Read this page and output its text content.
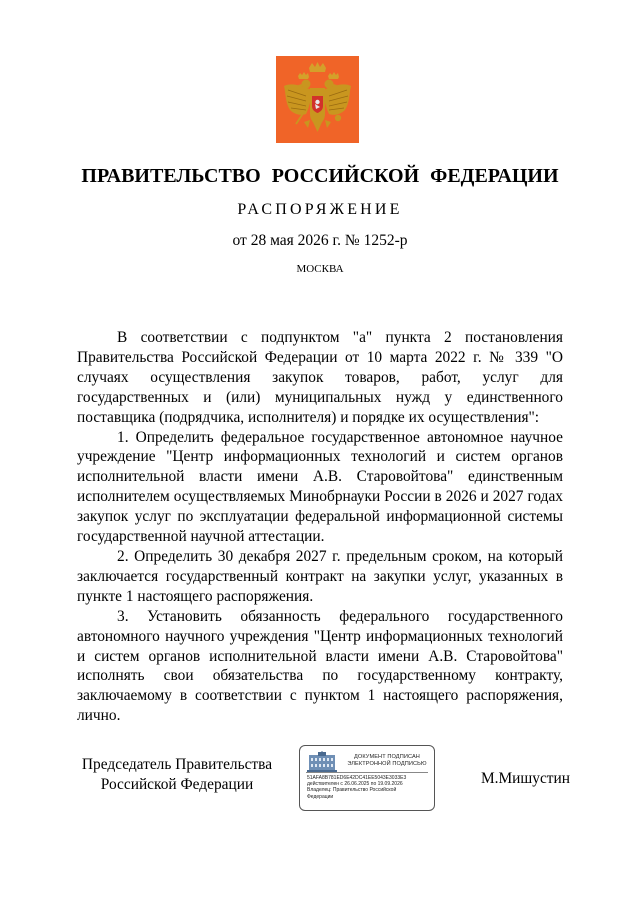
ПРАВИТЕЛЬСТВО РОССИЙСКОЙ ФЕДЕРАЦИИ
РАСПОРЯЖЕНИЕ
от 28 мая 2026 г. № 1252-р
МОСКВА

В соответствии с подпунктом "а" пункта 2 постановления Правительства Российской Федерации от 10 марта 2022 г. № 339 "О случаях осуществления закупок товаров, работ, услуг для государственных и (или) муниципальных нужд у единственного поставщика (подрядчика, исполнителя) и порядке их осуществления":

1. Определить федеральное государственное автономное научное учреждение "Центр информационных технологий и систем органов исполнительной власти имени А.В. Старовойтова" единственным исполнителем осуществляемых Минобрнауки России в 2026 и 2027 годах закупок услуг по эксплуатации федеральной информационной системы государственной научной аттестации.

2. Определить 30 декабря 2027 г. предельным сроком, на который заключается государственный контракт на закупки услуг, указанных в пункте 1 настоящего распоряжения.

3. Установить обязанность федерального государственного автономного научного учреждения "Центр информационных технологий и систем органов исполнительной власти имени А.В. Старовойтова" исполнять свои обязательства по государственному контракту, заключаемому в соответствии с пунктом 1 настоящего распоряжения, лично.

Председатель Правительства
Российской Федерации
ДОКУМЕНТ ПОДПИСАН
ЭЛЕКТРОННОЙ ПОДПИСЬЮ
51AFA8B781ED6E42DC41EE5043E3033E3
действителен с 26.06.2025 по 19.09.2026
Владелец: Правительство Российской
Федерации
М.Мишустин
